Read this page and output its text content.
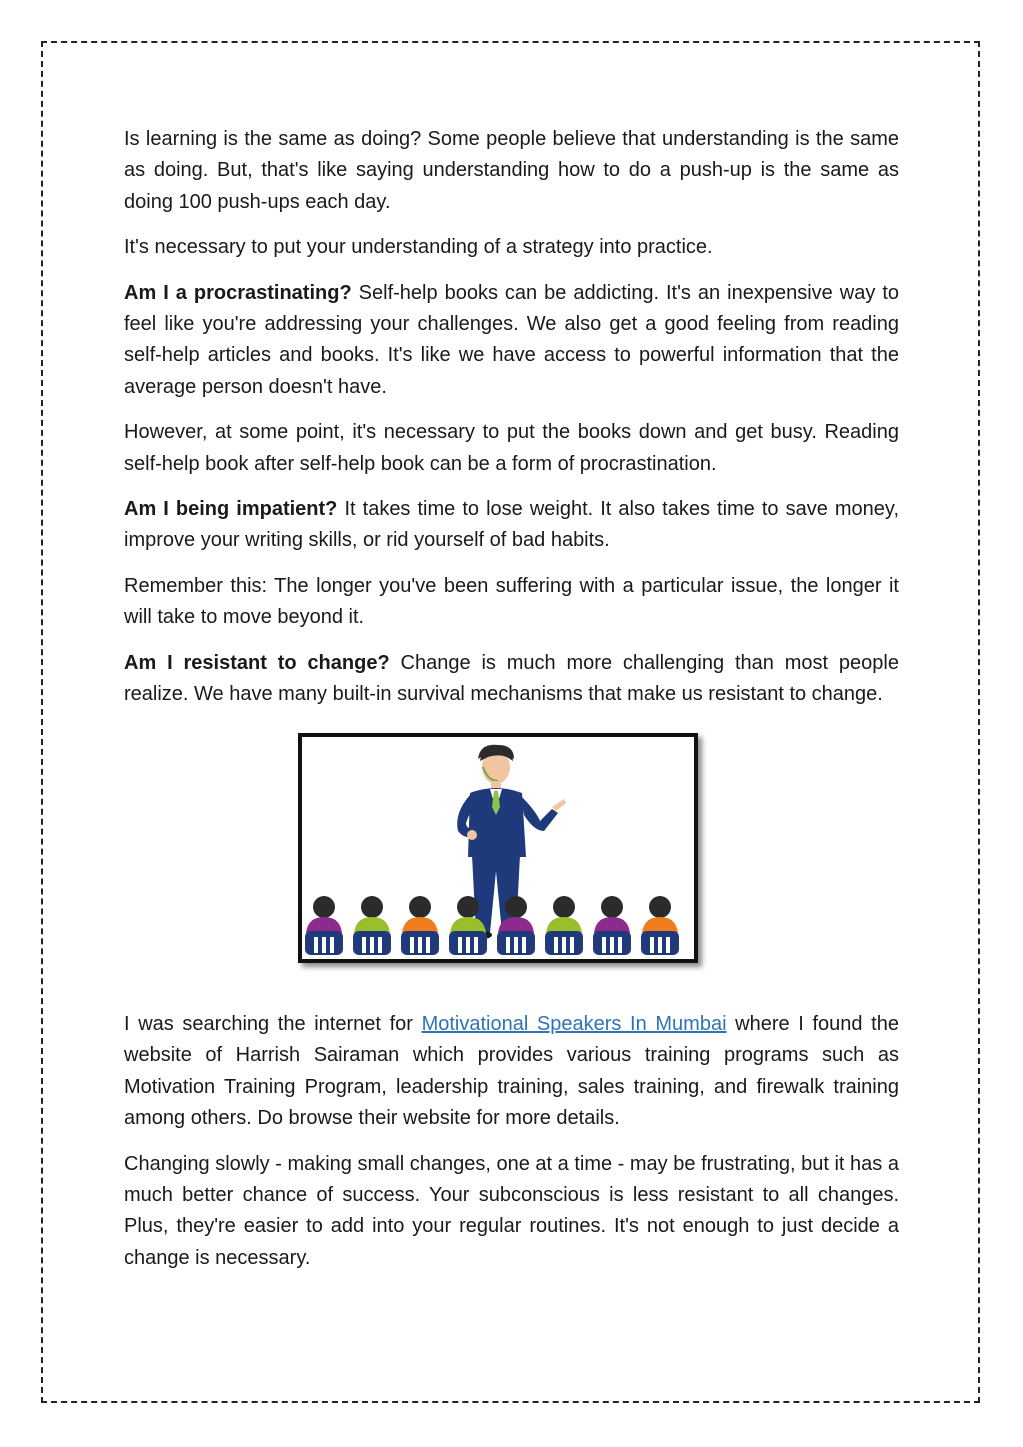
Is learning is the same as doing? Some people believe that understanding is the same as doing. But, that's like saying understanding how to do a push-up is the same as doing 100 push-ups each day.

It's necessary to put your understanding of a strategy into practice.

Am I a procrastinating? Self-help books can be addicting. It's an inexpensive way to feel like you're addressing your challenges. We also get a good feeling from reading self-help articles and books. It's like we have access to powerful information that the average person doesn't have.

However, at some point, it's necessary to put the books down and get busy. Reading self-help book after self-help book can be a form of procrastination.

Am I being impatient? It takes time to lose weight. It also takes time to save money, improve your writing skills, or rid yourself of bad habits.

Remember this: The longer you've been suffering with a particular issue, the longer it will take to move beyond it.

Am I resistant to change? Change is much more challenging than most people realize. We have many built-in survival mechanisms that make us resistant to change.

I was searching the internet for Motivational Speakers In Mumbai where I found the website of Harrish Sairaman which provides various training programs such as Motivation Training Program, leadership training, sales training, and firewalk training among others. Do browse their website for more details.

Changing slowly - making small changes, one at a time - may be frustrating, but it has a much better chance of success. Your subconscious is less resistant to all changes. Plus, they're easier to add into your regular routines. It's not enough to just decide a change is necessary.
